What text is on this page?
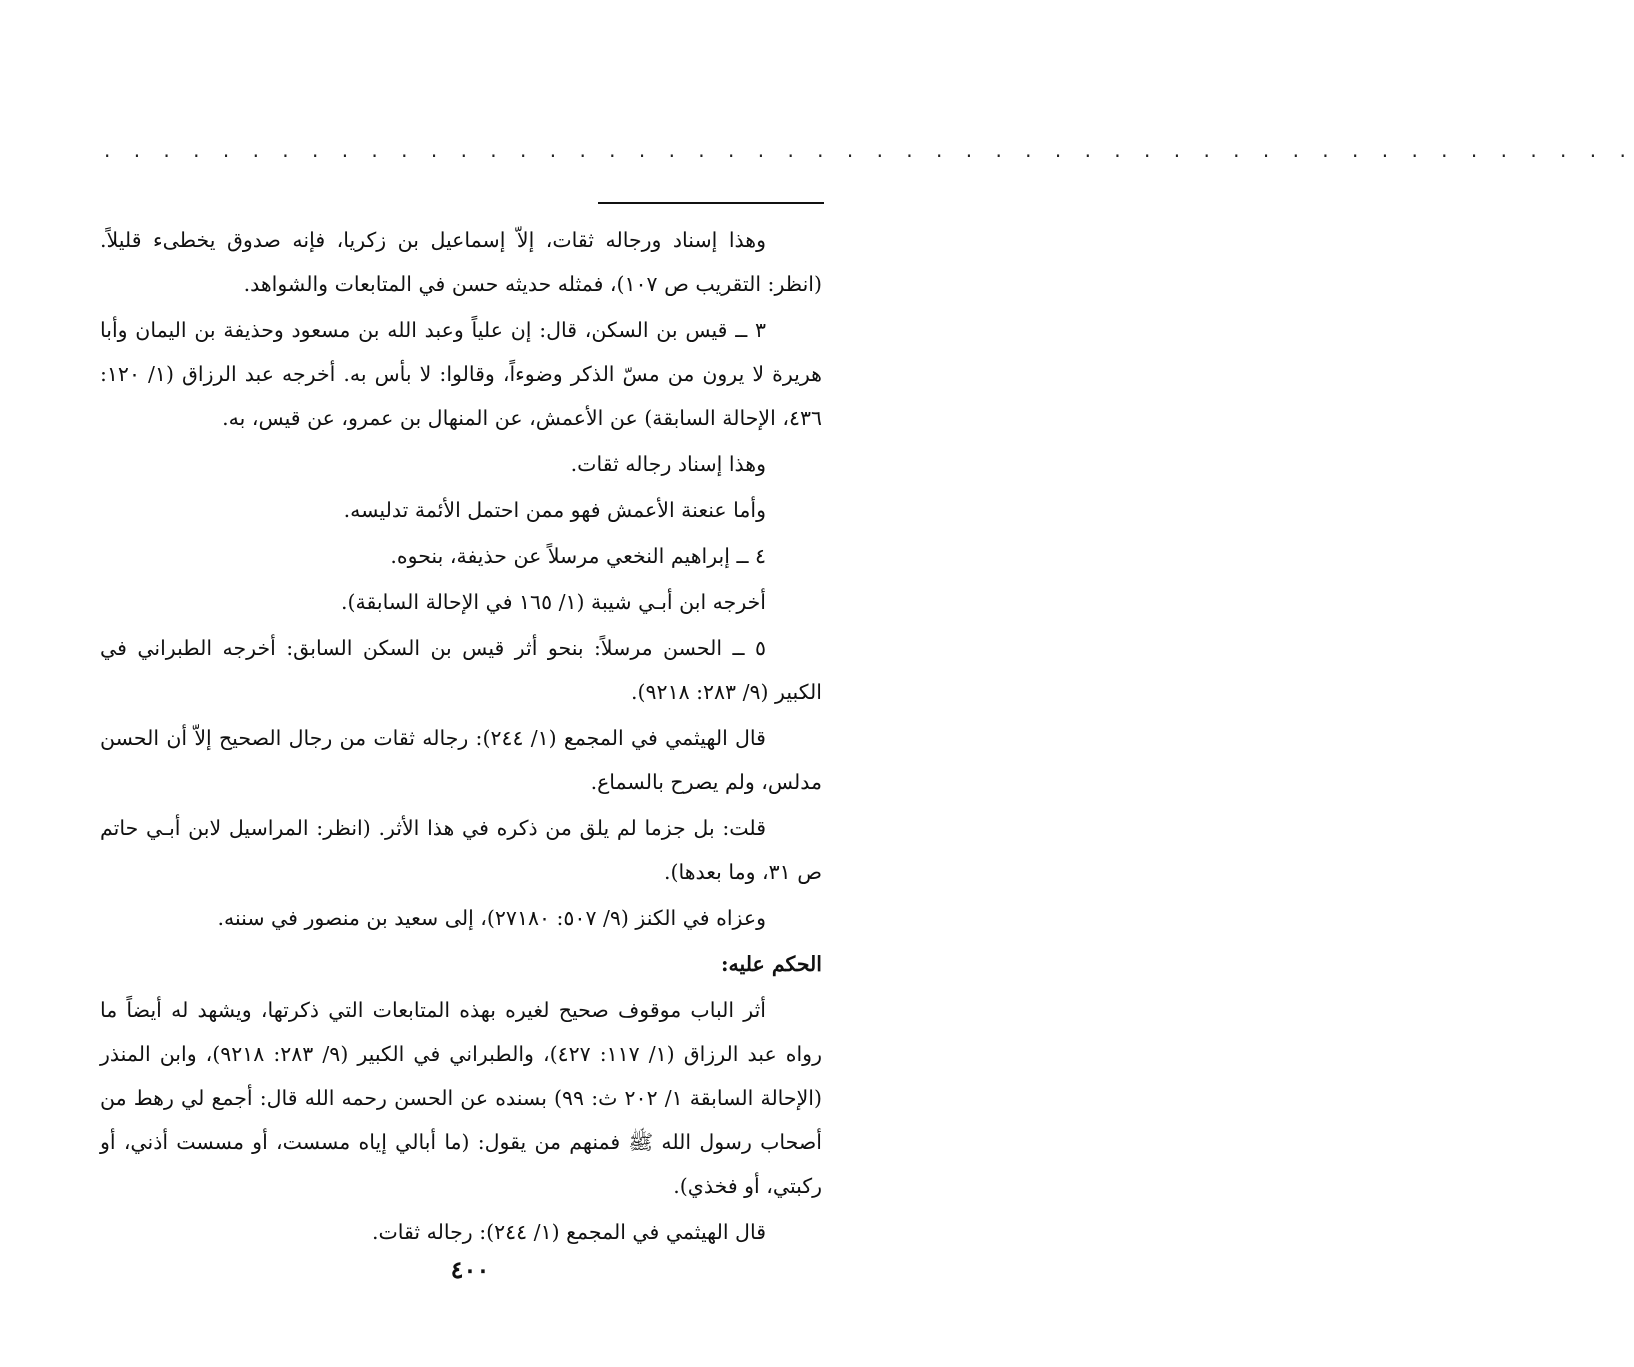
. . . . . . . . . . . . . . . . . . . . . . . . . . . . . . . . . . . . . . . . . . . . . . . . . . . .

وهذا إسناد ورجاله ثقات، إلاّ إسماعيل بن زكريا، فإنه صدوق يخطىء قليلاً. (انظر: التقريب ص ١٠٧)، فمثله حديثه حسن في المتابعات والشواهد.

٣ ــ قيس بن السكن، قال: إن علياً وعبد الله بن مسعود وحذيفة بن اليمان وأبا هريرة لا يرون من مسّ الذكر وضوءاً، وقالوا: لا بأس به. أخرجه عبد الرزاق (١/ ١٢٠: ٤٣٦، الإحالة السابقة) عن الأعمش، عن المنهال بن عمرو، عن قيس، به.

وهذا إسناد رجاله ثقات.

وأما عنعنة الأعمش فهو ممن احتمل الأئمة تدليسه.

٤ ــ إبراهيم النخعي مرسلاً عن حذيفة، بنحوه.

أخرجه ابن أبـي شيبة (١/ ١٦٥ في الإحالة السابقة).

٥ ــ الحسن مرسلاً: بنحو أثر قيس بن السكن السابق: أخرجه الطبراني في الكبير (٩/ ٢٨٣: ٩٢١٨).

قال الهيثمي في المجمع (١/ ٢٤٤): رجاله ثقات من رجال الصحيح إلاّ أن الحسن مدلس، ولم يصرح بالسماع.

قلت: بل جزما لم يلق من ذكره في هذا الأثر. (انظر: المراسيل لابن أبـي حاتم ص ٣١، وما بعدها).

وعزاه في الكنز (٩/ ٥٠٧: ٢٧١٨٠)، إلى سعيد بن منصور في سننه.

الحكم عليه:

أثر الباب موقوف صحيح لغيره بهذه المتابعات التي ذكرتها، ويشهد له أيضاً ما رواه عبد الرزاق (١/ ١١٧: ٤٢٧)، والطبراني في الكبير (٩/ ٢٨٣: ٩٢١٨)، وابن المنذر (الإحالة السابقة ١/ ٢٠٢ ث: ٩٩) بسنده عن الحسن رحمه الله قال: أجمع لي رهط من أصحاب رسول الله ﷺ فمنهم من يقول: (ما أبالي إياه مسست، أو مسست أذني، أو ركبتي، أو فخذي).

قال الهيثمي في المجمع (١/ ٢٤٤): رجاله ثقات.

٤٠٠
